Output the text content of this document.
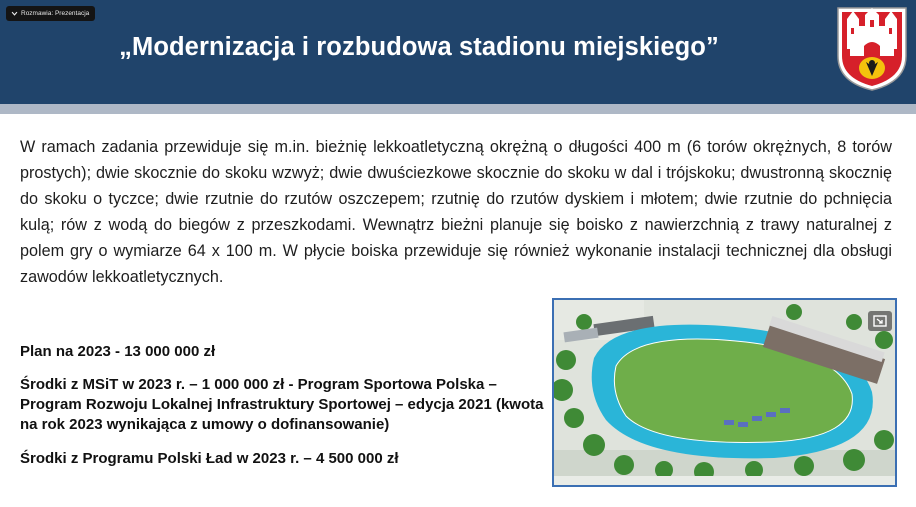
Rozmawia: Prezentacja
„Modernizacja i rozbudowa stadionu miejskiego”
W ramach zadania przewiduje się m.in. bieżnię lekkoatletyczną okrężną o długości 400 m (6 torów okrężnych, 8 torów prostych); dwie skocznie do skoku wzwyż; dwie dwuściezkowe skocznie do skoku w dal i trójskoku; dwustronną skocznię do skoku o tyczce; dwie rzutnie do rzutów oszczepem; rzutnię do rzutów dyskiem i młotem; dwie rzutnie do pchnięcia kulą; rów z wodą do biegów z przeszkodami. Wewnątrz bieżni planuje się boisko z nawierzchnią z trawy naturalnej z polem gry o wymiarze 64 x 100 m. W płycie boiska przewiduje się również wykonanie instalacji technicznej dla obsługi zawodów lekkoatletycznych.
Plan na 2023 - 13 000 000 zł
Środki z MSiT w 2023 r. – 1 000 000 zł - Program Sportowa Polska – Program Rozwoju Lokalnej Infrastruktury Sportowej – edycja 2021 (kwota na rok 2023 wynikająca z umowy o dofinansowanie)
Środki z Programu Polski Ład w 2023 r. – 4 500 000 zł
